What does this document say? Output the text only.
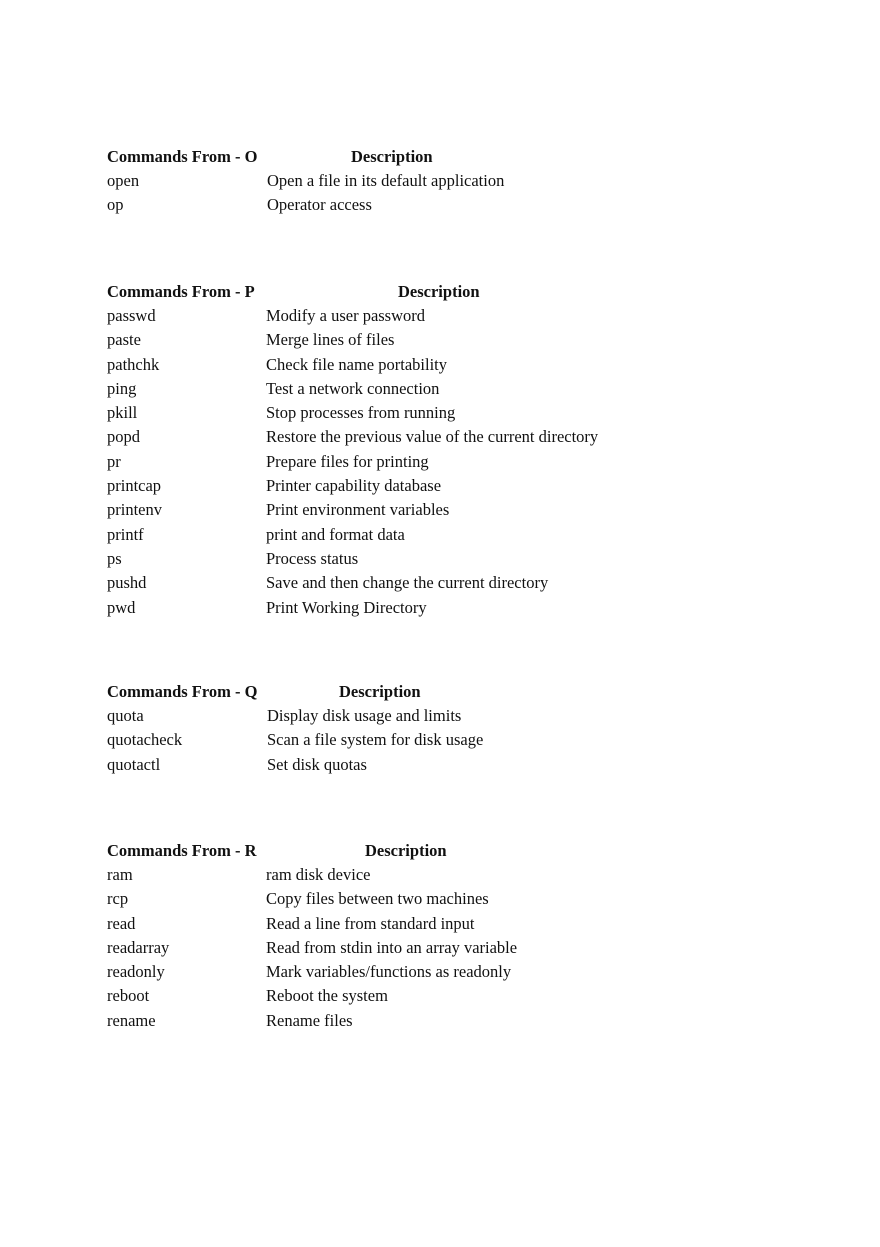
Commands From - O	Description
open	Open a file in its default application
op	Operator access
Commands From - P	Description
passwd	Modify a user password
paste	Merge lines of files
pathchk	Check file name portability
ping	Test a network connection
pkill	Stop processes from running
popd	Restore the previous value of the current directory
pr	Prepare files for printing
printcap	Printer capability database
printenv	Print environment variables
printf	print and format data
ps	Process status
pushd	Save and then change the current directory
pwd	Print Working Directory
Commands From - Q	Description
quota	Display disk usage and limits
quotacheck	Scan a file system for disk usage
quotactl	Set disk quotas
Commands From - R	Description
ram	ram disk device
rcp	Copy files between two machines
read	Read a line from standard input
readarray	Read from stdin into an array variable
readonly	Mark variables/functions as readonly
reboot	Reboot the system
rename	Rename files
